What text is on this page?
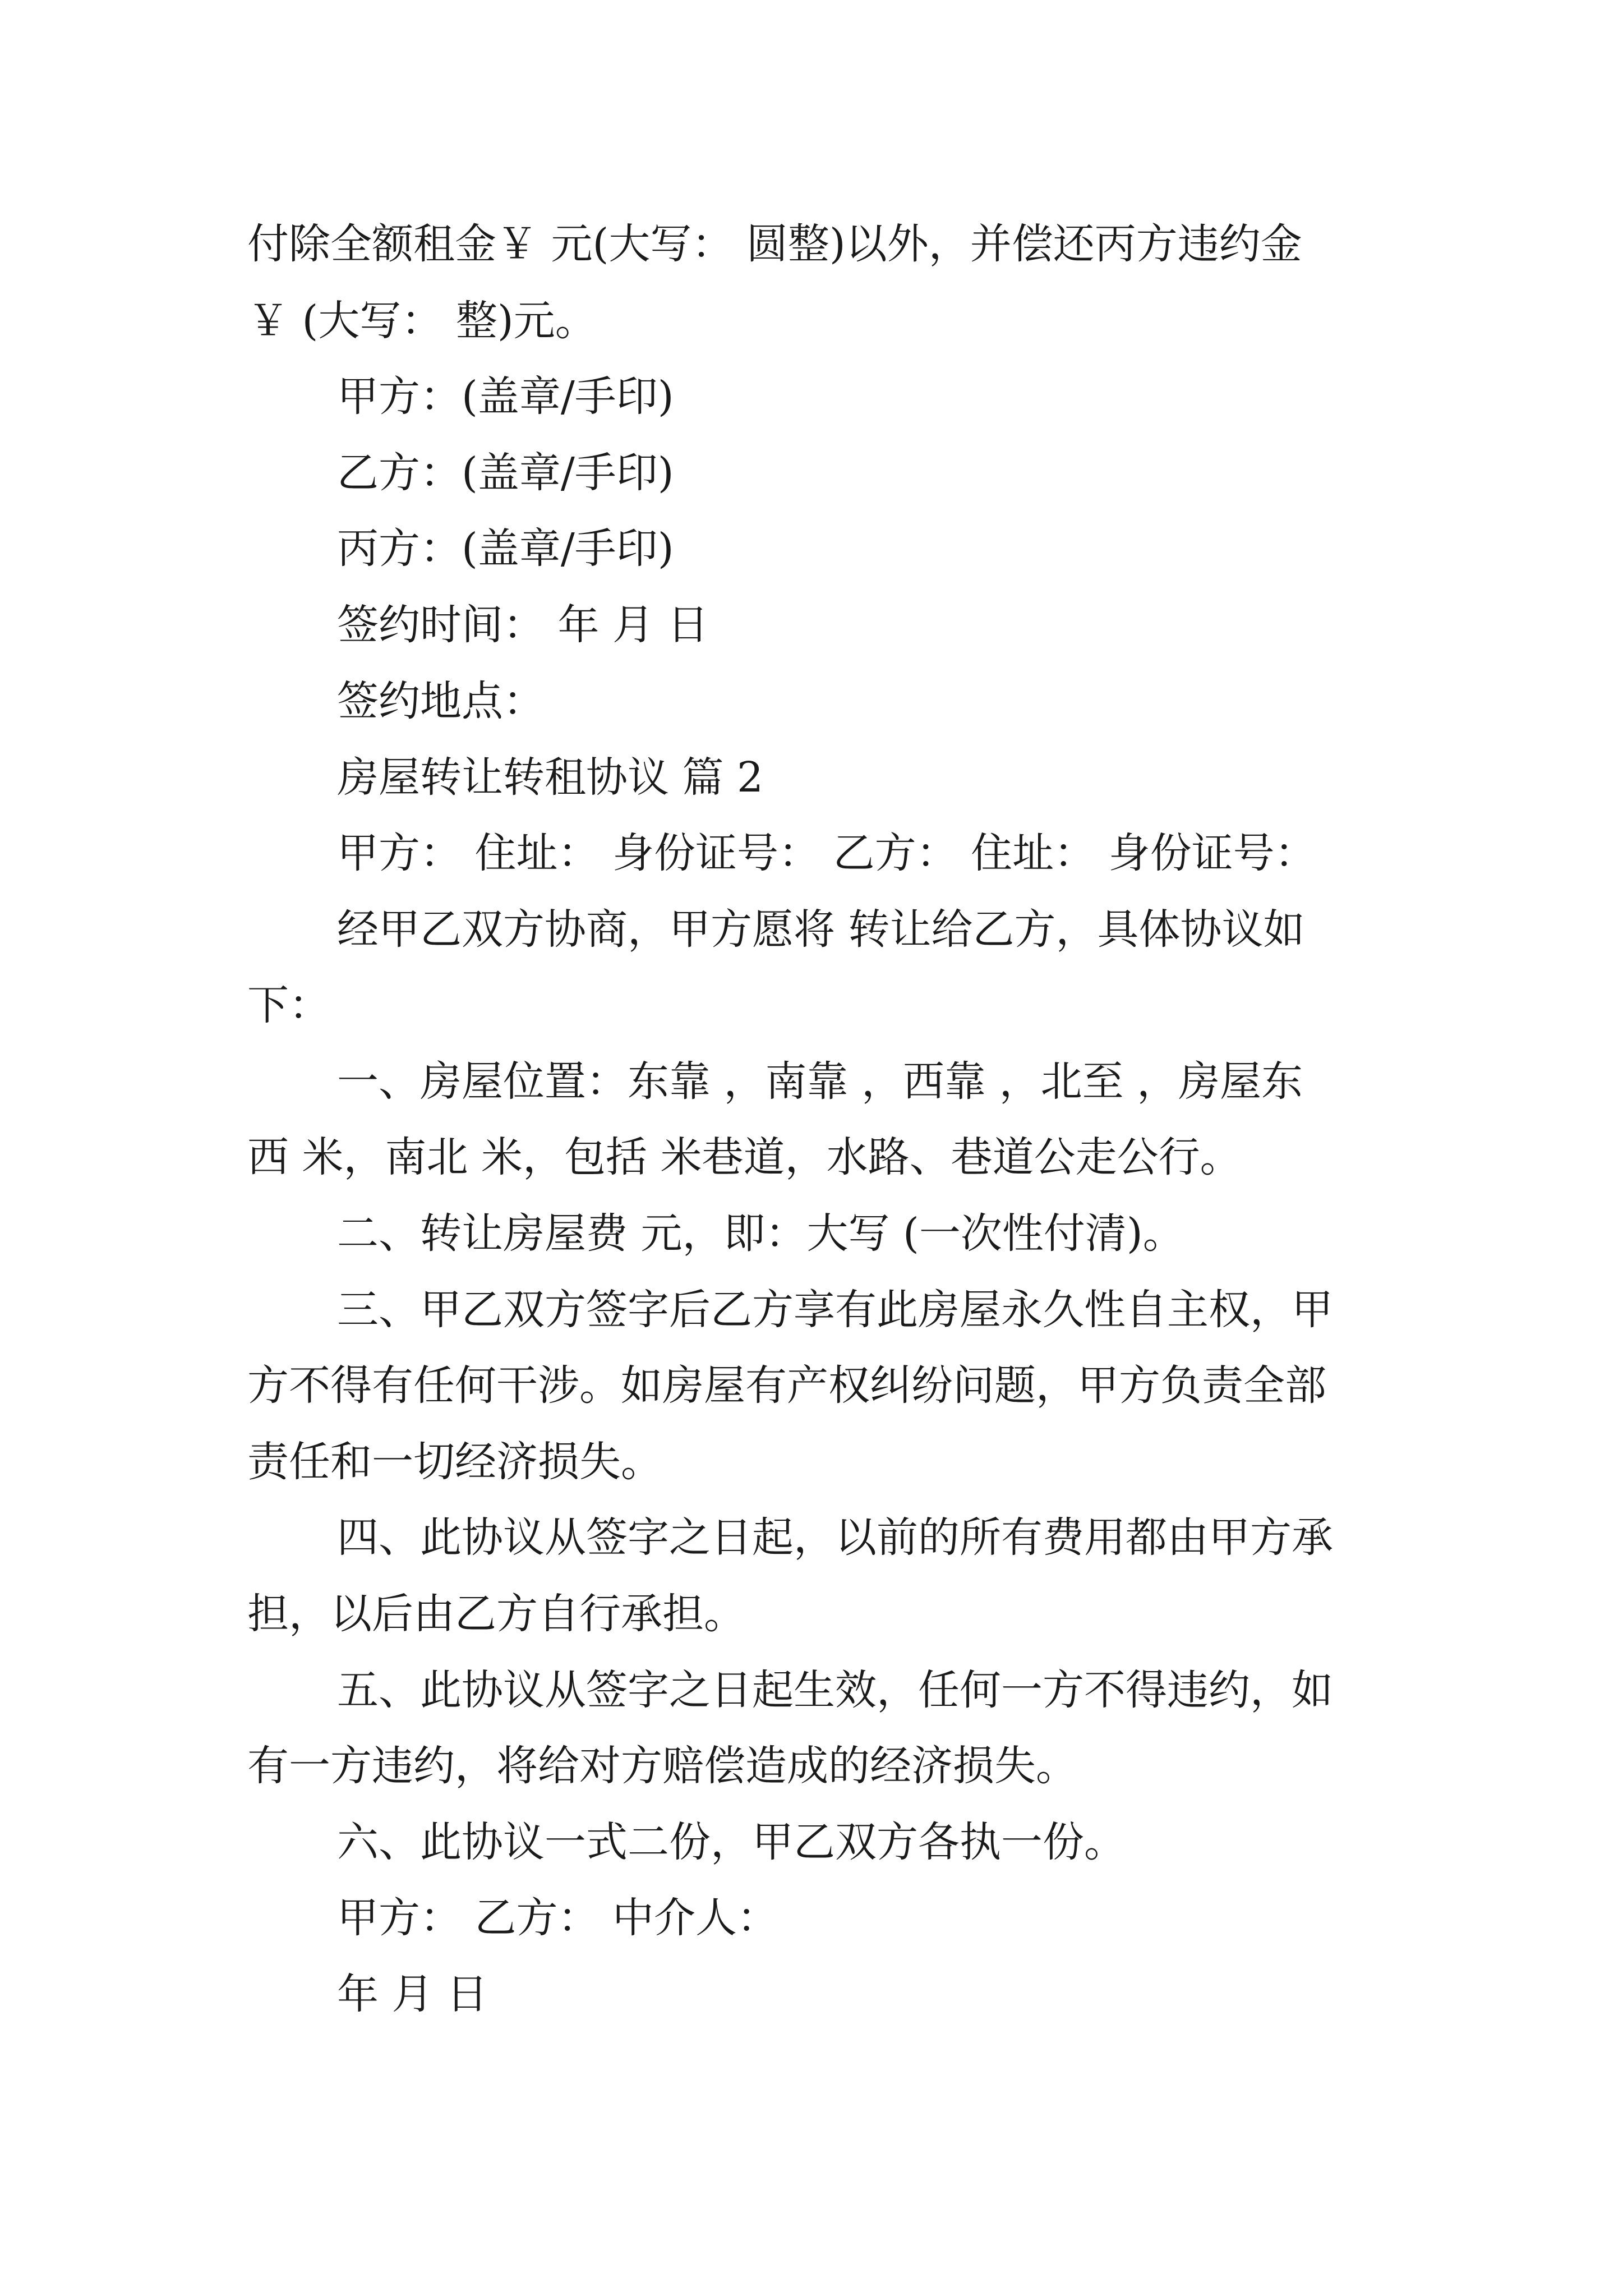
付除全额租金￥ 元(大写： 圆整)以外，并偿还丙方违约金

￥ (大写： 整)元。

甲方：(盖章/手印)

乙方：(盖章/手印)

丙方：(盖章/手印)

签约时间： 年 月 日

签约地点：

房屋转让转租协议 篇 2

甲方： 住址： 身份证号： 乙方： 住址： 身份证号：

经甲乙双方协商，甲方愿将 转让给乙方，具体协议如

下：

一、房屋位置：东靠 ，南靠 ，西靠 ，北至 ，房屋东

西 米，南北 米，包括 米巷道，水路、巷道公走公行。

二、转让房屋费 元，即：大写 (一次性付清)。

三、甲乙双方签字后乙方享有此房屋永久性自主权，甲

方不得有任何干涉。如房屋有产权纠纷问题，甲方负责全部

责任和一切经济损失。

四、此协议从签字之日起，以前的所有费用都由甲方承

担，以后由乙方自行承担。

五、此协议从签字之日起生效，任何一方不得违约，如

有一方违约，将给对方赔偿造成的经济损失。

六、此协议一式二份，甲乙双方各执一份。

甲方： 乙方： 中介人：

年 月 日
